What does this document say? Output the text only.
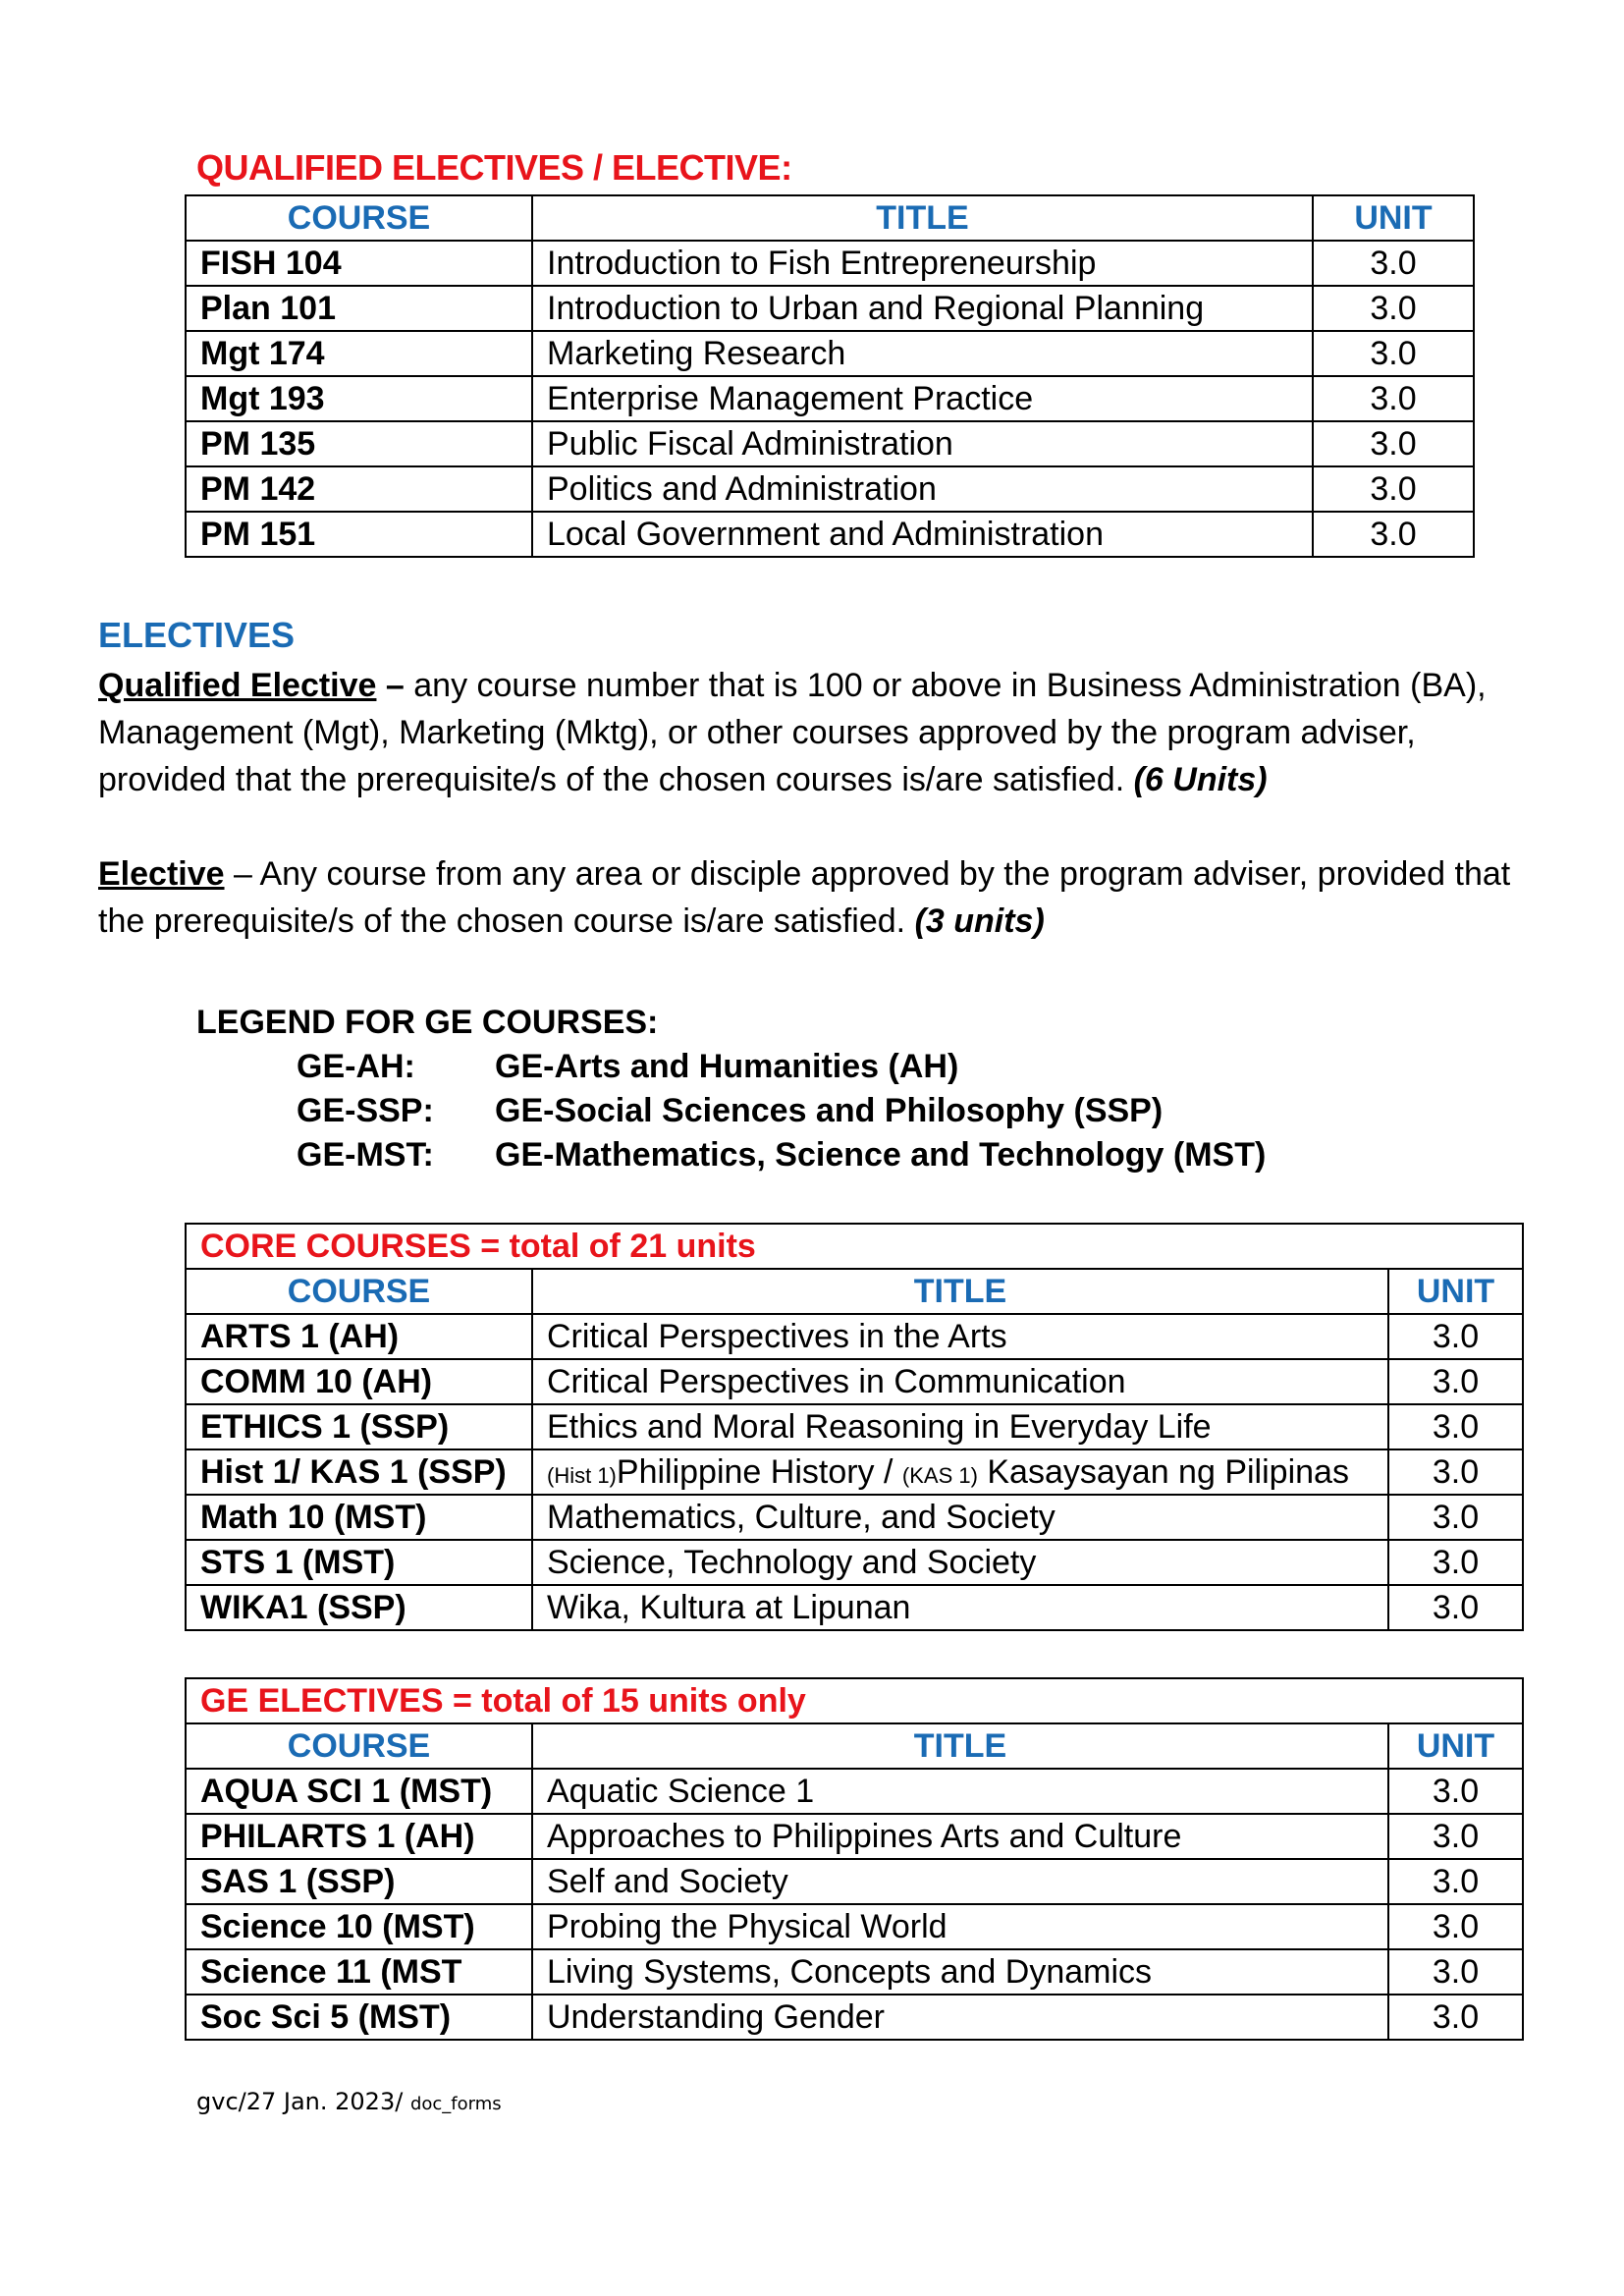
QUALIFIED ELECTIVES / ELECTIVE:
COURSE	TITLE	UNIT
FISH 104	Introduction to Fish Entrepreneurship	3.0
Plan 101	Introduction to Urban and Regional Planning	3.0
Mgt 174	Marketing Research	3.0
Mgt 193	Enterprise Management Practice	3.0
PM 135	Public Fiscal Administration	3.0
PM 142	Politics and Administration	3.0
PM 151	Local Government and Administration	3.0
ELECTIVES
Qualified Elective – any course number that is 100 or above in Business Administration (BA), Management (Mgt), Marketing (Mktg), or other courses approved by the program adviser, provided that the prerequisite/s of the chosen courses is/are satisfied. (6 Units)
Elective – Any course from any area or disciple approved by the program adviser, provided that the prerequisite/s of the chosen course is/are satisfied. (3 units)
LEGEND FOR GE COURSES:
GE-AH: GE-Arts and Humanities (AH)
GE-SSP: GE-Social Sciences and Philosophy (SSP)
GE-MST: GE-Mathematics, Science and Technology (MST)
CORE COURSES = total of 21 units		
COURSE	TITLE	UNIT
ARTS 1 (AH)	Critical Perspectives in the Arts	3.0
COMM 10 (AH)	Critical Perspectives in Communication	3.0
ETHICS 1 (SSP)	Ethics and Moral Reasoning in Everyday Life	3.0
Hist 1/ KAS 1 (SSP)	(Hist 1)Philippine History / (KAS 1) Kasaysayan ng Pilipinas	3.0
Math 10 (MST)	Mathematics, Culture, and Society	3.0
STS 1 (MST)	Science, Technology and Society	3.0
WIKA1 (SSP)	Wika, Kultura at Lipunan	3.0
GE ELECTIVES = total of 15 units only		
COURSE	TITLE	UNIT
AQUA SCI 1 (MST)	Aquatic Science 1	3.0
PHILARTS 1 (AH)	Approaches to Philippines Arts and Culture	3.0
SAS 1 (SSP)	Self and Society	3.0
Science 10 (MST)	Probing the Physical World	3.0
Science 11 (MST	Living Systems, Concepts and Dynamics	3.0
Soc Sci 5 (MST)	Understanding Gender	3.0
gvc/27 Jan. 2023/ doc_forms
